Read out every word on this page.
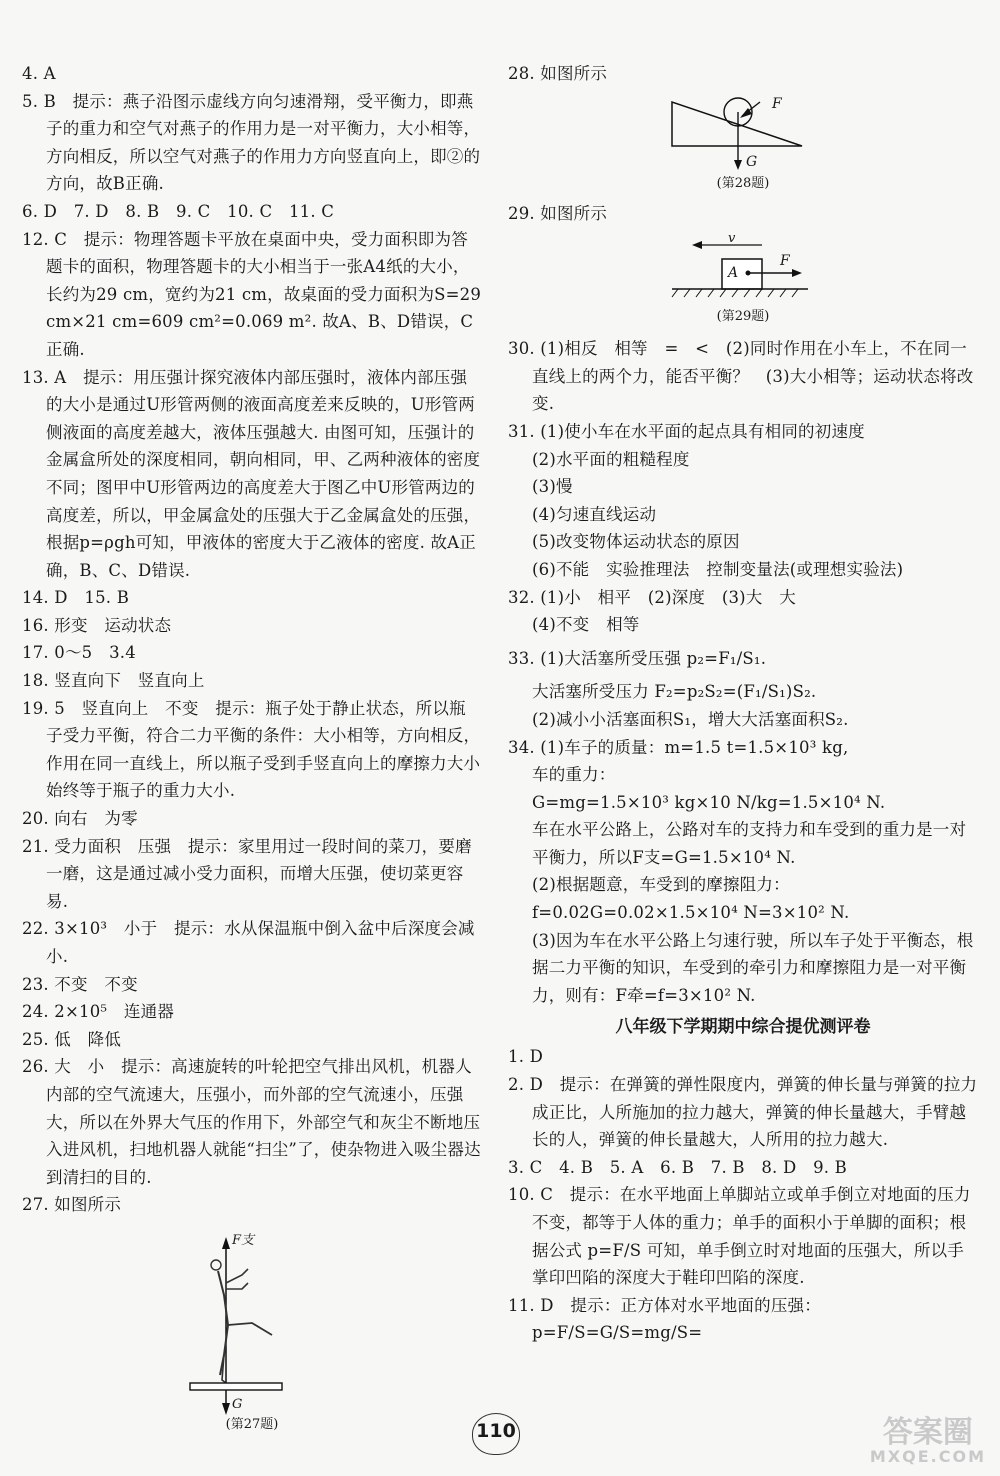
4. A

5. B　提示：燕子沿图示虚线方向匀速滑翔，受平衡力，即燕子的重力和空气对燕子的作用力是一对平衡力，大小相等，方向相反，所以空气对燕子的作用力方向竖直向上，即②的方向，故B正确.

6. D　7. D　8. B　9. C　10. C　11. C

12. C　提示：物理答题卡平放在桌面中央，受力面积即为答题卡的面积，物理答题卡的大小相当于一张A4纸的大小，长约为29 cm，宽约为21 cm，故桌面的受力面积为S=29 cm×21 cm=609 cm²=0.069 m². 故A、B、D错误，C正确.

13. A　提示：用压强计探究液体内部压强时，液体内部压强的大小是通过U形管两侧的液面高度差来反映的，U形管两侧液面的高度差越大，液体压强越大. 由图可知，压强计的金属盒所处的深度相同，朝向相同，甲、乙两种液体的密度不同；图甲中U形管两边的高度差大于图乙中U形管两边的高度差，所以，甲金属盒处的压强大于乙金属盒处的压强，根据p=ρgh可知，甲液体的密度大于乙液体的密度. 故A正确，B、C、D错误.

14. D　15. B

16. 形变　运动状态

17. 0～5　3.4

18. 竖直向下　竖直向上

19. 5　竖直向上　不变　提示：瓶子处于静止状态，所以瓶子受力平衡，符合二力平衡的条件：大小相等，方向相反，作用在同一直线上，所以瓶子受到手竖直向上的摩擦力大小始终等于瓶子的重力大小.

20. 向右　为零

21. 受力面积　压强　提示：家里用过一段时间的菜刀，要磨一磨，这是通过减小受力面积，而增大压强，使切菜更容易.

22. 3×10³　小于　提示：水从保温瓶中倒入盆中后深度会减小.

23. 不变　不变

24. 2×10⁵　连通器

25. 低　降低

26. 大　小　提示：高速旋转的叶轮把空气排出风机，机器人内部的空气流速大，压强小，而外部的空气流速小，压强大，所以在外界大气压的作用下，外部空气和灰尘不断地压入进风机，扫地机器人就能“扫尘”了，使杂物进入吸尘器达到清扫的目的.

27. 如图所示

F支
G
(第27题)

28. 如图所示

F
G
(第28题)

29. 如图所示

v
A
F
(第29题)

30. (1)相反　相等　=　<　(2)同时作用在小车上，不在同一直线上的两个力，能否平衡？　(3)大小相等；运动状态将改变.

31. (1)使小车在水平面的起点具有相同的初速度

(2)水平面的粗糙程度

(3)慢

(4)匀速直线运动

(5)改变物体运动状态的原因

(6)不能　实验推理法　控制变量法(或理想实验法)

32. (1)小　相平　(2)深度　(3)大　大

(4)不变　相等

33. (1)大活塞所受压强 p₂=F₁/S₁.

大活塞所受压力 F₂=p₂S₂=(F₁/S₁)S₂.

(2)减小小活塞面积S₁，增大大活塞面积S₂.

34. (1)车子的质量：m=1.5 t=1.5×10³ kg,

车的重力：

G=mg=1.5×10³ kg×10 N/kg=1.5×10⁴ N.

车在水平公路上，公路对车的支持力和车受到的重力是一对平衡力，所以F支=G=1.5×10⁴ N.

(2)根据题意，车受到的摩擦阻力：

f=0.02G=0.02×1.5×10⁴ N=3×10² N.

(3)因为车在水平公路上匀速行驶，所以车子处于平衡态，根据二力平衡的知识，车受到的牵引力和摩擦阻力是一对平衡力，则有：F牵=f=3×10² N.

八年级下学期期中综合提优测评卷

1. D

2. D　提示：在弹簧的弹性限度内，弹簧的伸长量与弹簧的拉力成正比，人所施加的拉力越大，弹簧的伸长量越大，手臂越长的人，弹簧的伸长量越大，人所用的拉力越大.

3. C　4. B　5. A　6. B　7. B　8. D　9. B

10. C　提示：在水平地面上单脚站立或单手倒立对地面的压力不变，都等于人体的重力；单手的面积小于单脚的面积；根据公式 p=F/S 可知，单手倒立时对地面的压强大，所以手掌印凹陷的深度大于鞋印凹陷的深度.

11. D　提示：正方体对水平地面的压强：p=F/S=G/S=mg/S=

110	答案圈
MXQE.COM
